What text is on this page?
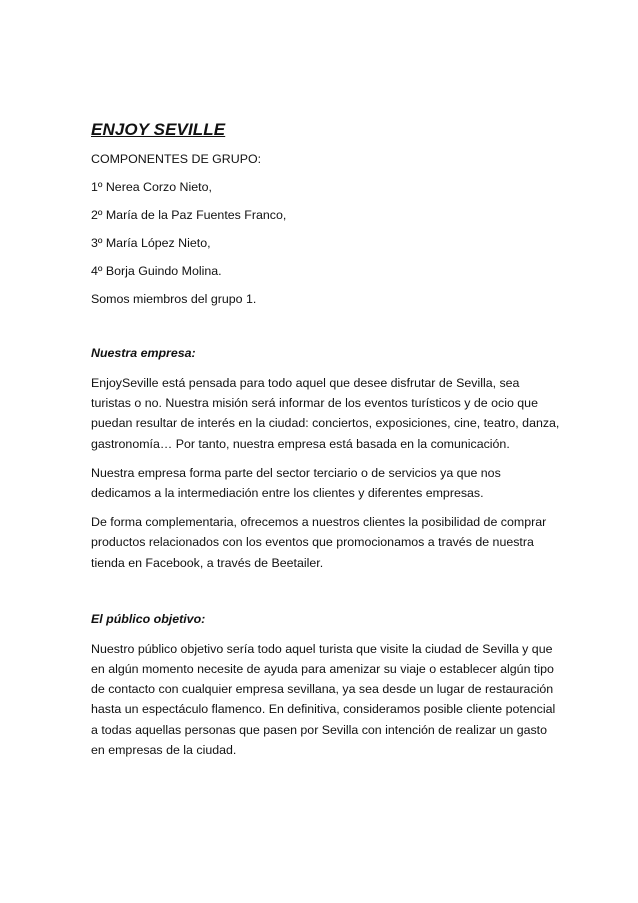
ENJOY SEVILLE
COMPONENTES DE GRUPO:
1º Nerea Corzo Nieto,
2º María de la Paz Fuentes Franco,
3º María López Nieto,
4º Borja Guindo Molina.
Somos miembros del grupo 1.
Nuestra empresa:

EnjoySeville está pensada para todo aquel que desee disfrutar de Sevilla, sea turistas o no. Nuestra misión será informar de los eventos turísticos y de ocio que puedan resultar de interés en la ciudad: conciertos, exposiciones, cine, teatro, danza, gastronomía… Por tanto, nuestra empresa está basada en la comunicación.

Nuestra empresa forma parte del sector terciario o de servicios ya que nos dedicamos a la intermediación entre los clientes y diferentes empresas.

De forma complementaria, ofrecemos a nuestros clientes la posibilidad de comprar productos relacionados con los eventos que promocionamos a través de nuestra tienda en Facebook, a través de Beetailer.

El público objetivo:

Nuestro público objetivo sería todo aquel turista que visite la ciudad de Sevilla y que en algún momento necesite de ayuda para amenizar su viaje o establecer algún tipo de contacto con cualquier empresa sevillana, ya sea desde un lugar de restauración hasta un espectáculo flamenco. En definitiva, consideramos posible cliente potencial a todas aquellas personas que pasen por Sevilla con intención de realizar un gasto en empresas de la ciudad.
